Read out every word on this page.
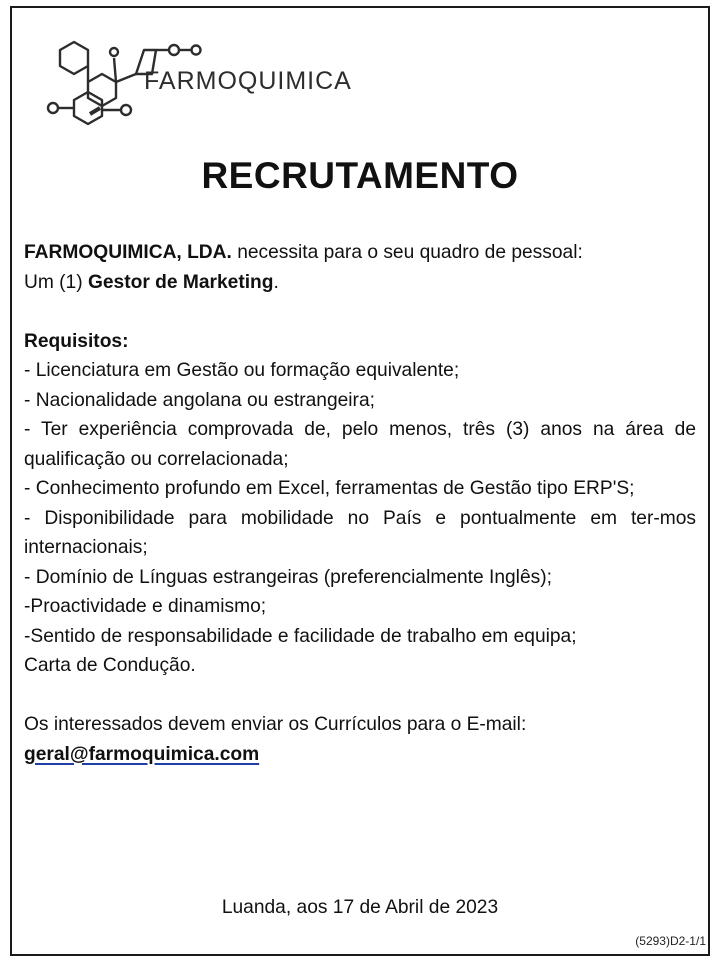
FARMOQUIMICA
RECRUTAMENTO

FARMOQUIMICA, LDA. necessita para o seu quadro de pessoal:

Um (1) Gestor de Marketing.

Requisitos:

- Licenciatura em Gestão ou formação equivalente;

- Nacionalidade angolana ou estrangeira;

- Ter experiência comprovada de, pelo menos, três (3) anos na área de qualificação ou correlacionada;

- Conhecimento profundo em Excel, ferramentas de Gestão tipo ERP'S;

- Disponibilidade para mobilidade no País e pontualmente em ter-mos internacionais;

- Domínio de Línguas estrangeiras (preferencialmente Inglês);

-Proactividade e dinamismo;

-Sentido de responsabilidade e facilidade de trabalho em equipa;

Carta de Condução.

Os interessados devem enviar os Currículos para o E-mail:

geral@farmoquimica.com

Luanda, aos 17 de Abril de 2023
(5293)D2-1/1
